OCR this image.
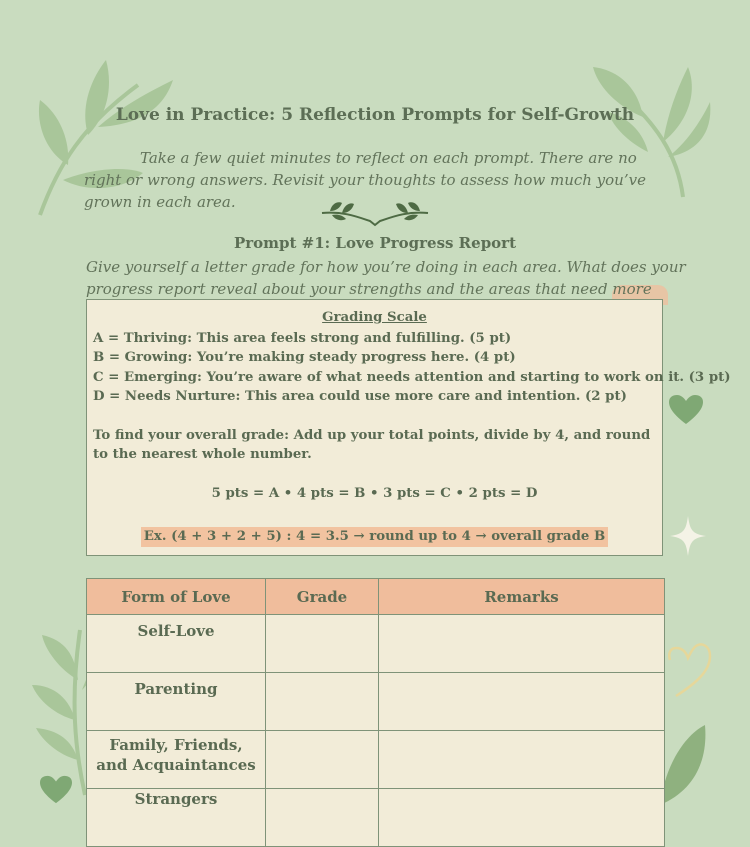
Love in Practice: 5 Reflection Prompts for Self-Growth
Take a few quiet minutes to reflect on each prompt. There are no right or wrong answers. Revisit your thoughts to assess how much you’ve grown in each area.
Prompt #1: Love Progress Report
Give yourself a letter grade for how you’re doing in each area. What does your progress report reveal about your strengths and the areas that need more
Grading Scale
A = Thriving: This area feels strong and fulfilling. (5 pt)
B = Growing: You’re making steady progress here. (4 pt)
C = Emerging: You’re aware of what needs attention and starting to work on it. (3 pt)
D = Needs Nurture: This area could use more care and intention. (2 pt)
To find your overall grade: Add up your total points, divide by 4, and round to the nearest whole number.
5 pts = A • 4 pts = B • 3 pts = C • 2 pts = D
Ex. (4 + 3 + 2 + 5) : 4 = 3.5 → round up to 4 → overall grade B
Form of Love	Grade	Remarks
Self-Love		
Parenting		
Family, Friends, and Acquaintances		
Strangers		
